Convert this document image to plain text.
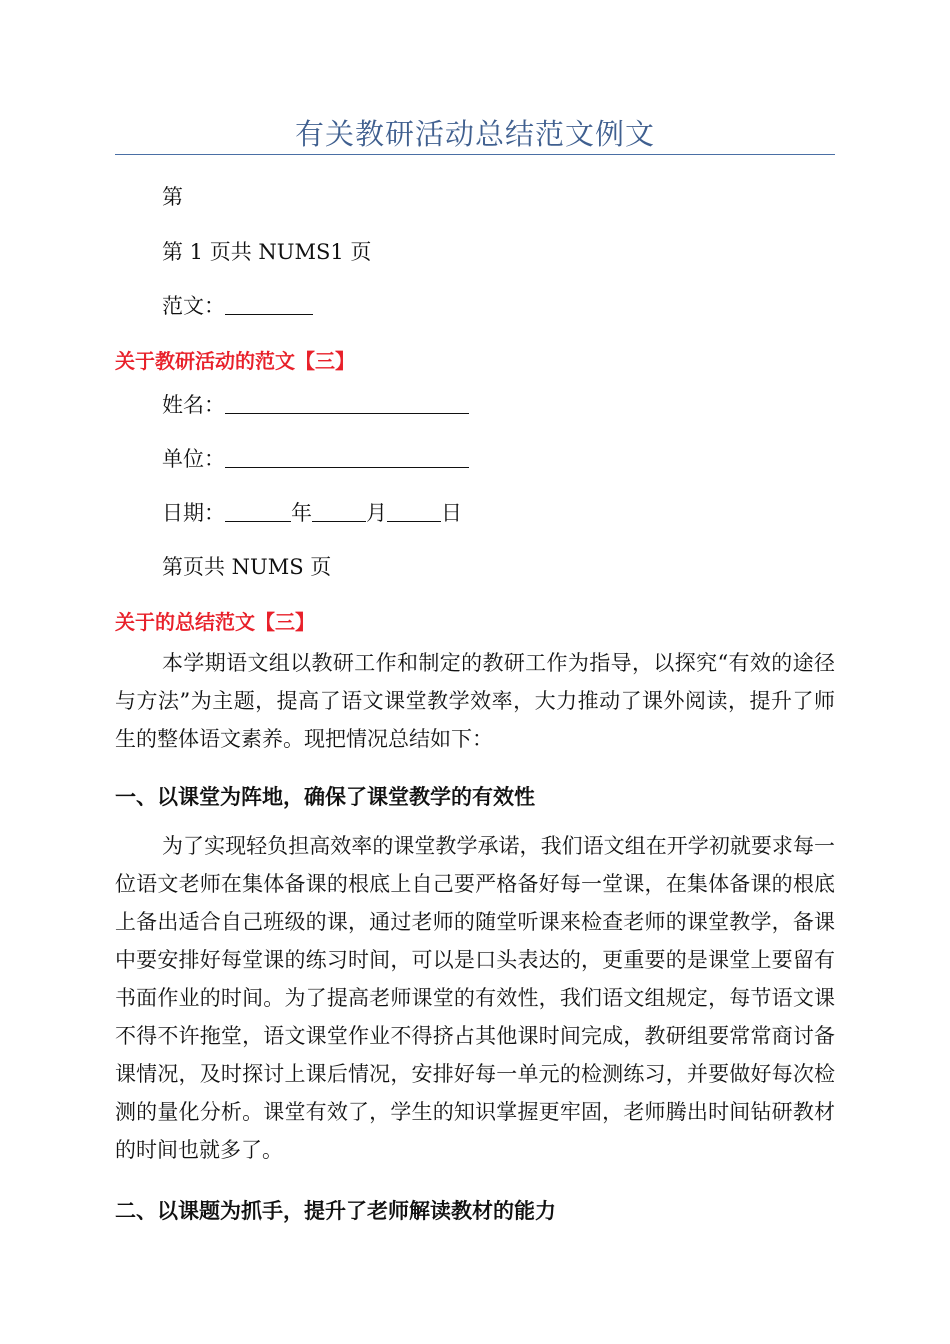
有关教研活动总结范文例文
第
第 1 页共 NUMS1 页
范文：
关于教研活动的范文【三】
姓名：
单位：
日期：	年	月	日
第页共 NUMS 页
关于的总结范文【三】
本学期语文组以教研工作和制定的教研工作为指导，以探究“有效的途径与方法”为主题，提高了语文课堂教学效率，大力推动了课外阅读，提升了师生的整体语文素养。现把情况总结如下：
一、以课堂为阵地，确保了课堂教学的有效性
为了实现轻负担高效率的课堂教学承诺，我们语文组在开学初就要求每一位语文老师在集体备课的根底上自己要严格备好每一堂课，在集体备课的根底上备出适合自己班级的课，通过老师的随堂听课来检查老师的课堂教学，备课中要安排好每堂课的练习时间，可以是口头表达的，更重要的是课堂上要留有书面作业的时间。为了提高老师课堂的有效性，我们语文组规定，每节语文课不得不许拖堂，语文课堂作业不得挤占其他课时间完成，教研组要常常商讨备课情况，及时探讨上课后情况，安排好每一单元的检测练习，并要做好每次检测的量化分析。课堂有效了，学生的知识掌握更牢固，老师腾出时间钻研教材的时间也就多了。
二、以课题为抓手，提升了老师解读教材的能力
